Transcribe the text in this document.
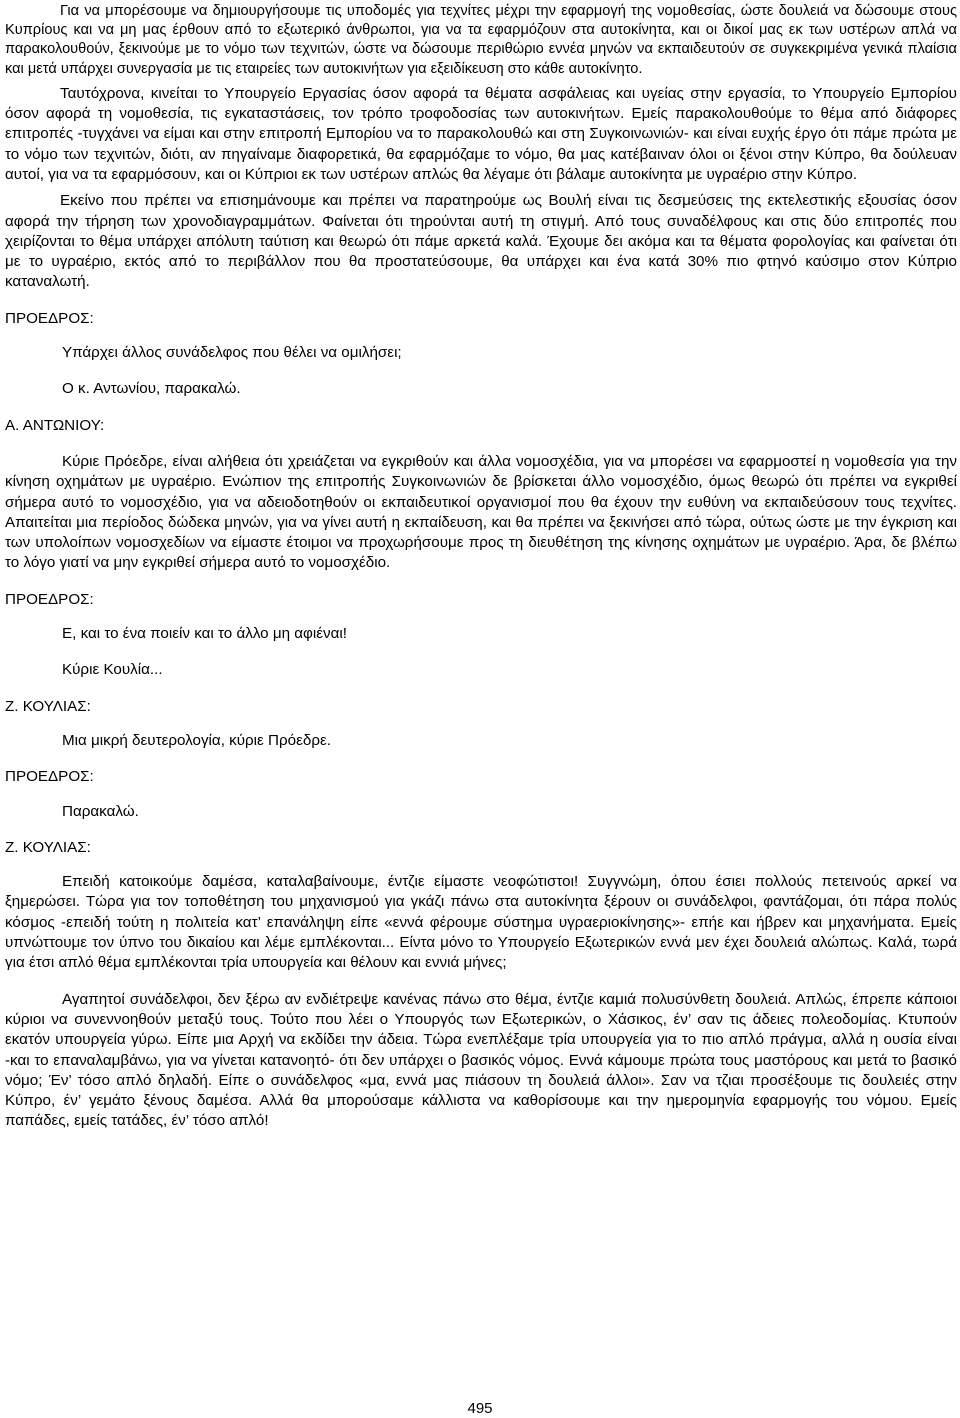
Για να μπορέσουμε να δημιουργήσουμε τις υποδομές για τεχνίτες μέχρι την εφαρμογή της νομοθεσίας, ώστε δουλειά να δώσουμε στους Κυπρίους και να μη μας έρθουν από το εξωτερικό άνθρωποι, για να τα εφαρμόζουν στα αυτοκίνητα, και οι δικοί μας εκ των υστέρων απλά να παρακολουθούν, ξεκινούμε με το νόμο των τεχνιτών, ώστε να δώσουμε περιθώριο εννέα μηνών να εκπαιδευτούν σε συγκεκριμένα γενικά πλαίσια και μετά υπάρχει συνεργασία με τις εταιρείες των αυτοκινήτων για εξειδίκευση στο κάθε αυτοκίνητο.

Ταυτόχρονα, κινείται το Υπουργείο Εργασίας όσον αφορά τα θέματα ασφάλειας και υγείας στην εργασία, το Υπουργείο Εμπορίου όσον αφορά τη νομοθεσία, τις εγκαταστάσεις, τον τρόπο τροφοδοσίας των αυτοκινήτων. Εμείς παρακολουθούμε το θέμα από διάφορες επιτροπές -τυγχάνει να είμαι και στην επιτροπή Εμπορίου να το παρακολουθώ και στη Συγκοινωνιών- και είναι ευχής έργο ότι πάμε πρώτα με το νόμο των τεχνιτών, διότι, αν πηγαίναμε διαφορετικά, θα εφαρμόζαμε το νόμο, θα μας κατέβαιναν όλοι οι ξένοι στην Κύπρο, θα δούλευαν αυτοί, για να τα εφαρμόσουν, και οι Κύπριοι εκ των υστέρων απλώς θα λέγαμε ότι βάλαμε αυτοκίνητα με υγραέριο στην Κύπρο.

Εκείνο που πρέπει να επισημάνουμε και πρέπει να παρατηρούμε ως Βουλή είναι τις δεσμεύσεις της εκτελεστικής εξουσίας όσον αφορά την τήρηση των χρονοδιαγραμμάτων. Φαίνεται ότι τηρούνται αυτή τη στιγμή. Από τους συναδέλφους και στις δύο επιτροπές που χειρίζονται το θέμα υπάρχει απόλυτη ταύτιση και θεωρώ ότι πάμε αρκετά καλά. Έχουμε δει ακόμα και τα θέματα φορολογίας και φαίνεται ότι με το υγραέριο, εκτός από το περιβάλλον που θα προστατεύσουμε, θα υπάρχει και ένα κατά 30% πιο φτηνό καύσιμο στον Κύπριο καταναλωτή.

ΠΡΟΕΔΡΟΣ:
Υπάρχει άλλος συνάδελφος που θέλει να ομιλήσει;
Ο κ. Αντωνίου, παρακαλώ.
Α. ΑΝΤΩΝΙΟΥ:

Κύριε Πρόεδρε, είναι αλήθεια ότι χρειάζεται να εγκριθούν και άλλα νομοσχέδια, για να μπορέσει να εφαρμοστεί η νομοθεσία για την κίνηση οχημάτων με υγραέριο. Ενώπιον της επιτροπής Συγκοινωνιών δε βρίσκεται άλλο νομοσχέδιο, όμως θεωρώ ότι πρέπει να εγκριθεί σήμερα αυτό το νομοσχέδιο, για να αδειοδοτηθούν οι εκπαιδευτικοί οργανισμοί που θα έχουν την ευθύνη να εκπαιδεύσουν τους τεχνίτες. Απαιτείται μια περίοδος δώδεκα μηνών, για να γίνει αυτή η εκπαίδευση, και θα πρέπει να ξεκινήσει από τώρα, ούτως ώστε με την έγκριση και των υπολοίπων νομοσχεδίων να είμαστε έτοιμοι να προχωρήσουμε προς τη διευθέτηση της κίνησης οχημάτων με υγραέριο. Άρα, δε βλέπω το λόγο γιατί να μην εγκριθεί σήμερα αυτό το νομοσχέδιο.

ΠΡΟΕΔΡΟΣ:
Ε, και το ένα ποιείν και το άλλο μη αφιέναι!
Κύριε Κουλία...
Ζ. ΚΟΥΛΙΑΣ:
Μια μικρή δευτερολογία, κύριε Πρόεδρε.
ΠΡΟΕΔΡΟΣ:
Παρακαλώ.
Ζ. ΚΟΥΛΙΑΣ:

Επειδή κατοικούμε δαμέσα, καταλαβαίνουμε, έντζιε είμαστε νεοφώτιστοι! Συγγνώμη, όπου έσιει πολλούς πετεινούς αρκεί να ξημερώσει. Τώρα για τον τοποθέτηση του μηχανισμού για γκάζι πάνω στα αυτοκίνητα ξέρουν οι συνάδελφοι, φαντάζομαι, ότι πάρα πολύς κόσμος -επειδή τούτη η πολιτεία κατ’ επανάληψη είπε «εννά φέρουμε σύστημα υγραεριοκίνησης»- επήε και ήβρεν και μηχανήματα. Εμείς υπνώττουμε τον ύπνο του δικαίου και λέμε εμπλέκονται... Είντα μόνο το Υπουργείο Εξωτερικών εννά μεν έχει δουλειά αλώπως. Καλά, τωρά για έτσι απλό θέμα εμπλέκονται τρία υπουργεία και θέλουν και εννιά μήνες;

Αγαπητοί συνάδελφοι, δεν ξέρω αν ενδιέτρεψε κανένας πάνω στο θέμα, έντζιε καμιά πολυσύνθετη δουλειά. Απλώς, έπρεπε κάποιοι κύριοι να συνεννοηθούν μεταξύ τους. Τούτο που λέει ο Υπουργός των Εξωτερικών, ο Χάσικος, έν’ σαν τις άδειες πολεοδομίας. Κτυπούν εκατόν υπουργεία γύρω. Είπε μια Αρχή να εκδίδει την άδεια. Τώρα ενεπλέξαμε τρία υπουργεία για το πιο απλό πράγμα, αλλά η ουσία είναι -και το επαναλαμβάνω, για να γίνεται κατανοητό- ότι δεν υπάρχει ο βασικός νόμος. Εννά κάμουμε πρώτα τους μαστόρους και μετά το βασικό νόμο; Έν’ τόσο απλό δηλαδή. Είπε ο συνάδελφος «μα, εννά μας πιάσουν τη δουλειά άλλοι». Σαν να τζιαι προσέξουμε τις δουλειές στην Κύπρο, έν’ γεμάτο ξένους δαμέσα. Αλλά θα μπορούσαμε κάλλιστα να καθορίσουμε και την ημερομηνία εφαρμογής του νόμου. Εμείς παπάδες, εμείς τατάδες, έν’ τόσο απλό!

495
